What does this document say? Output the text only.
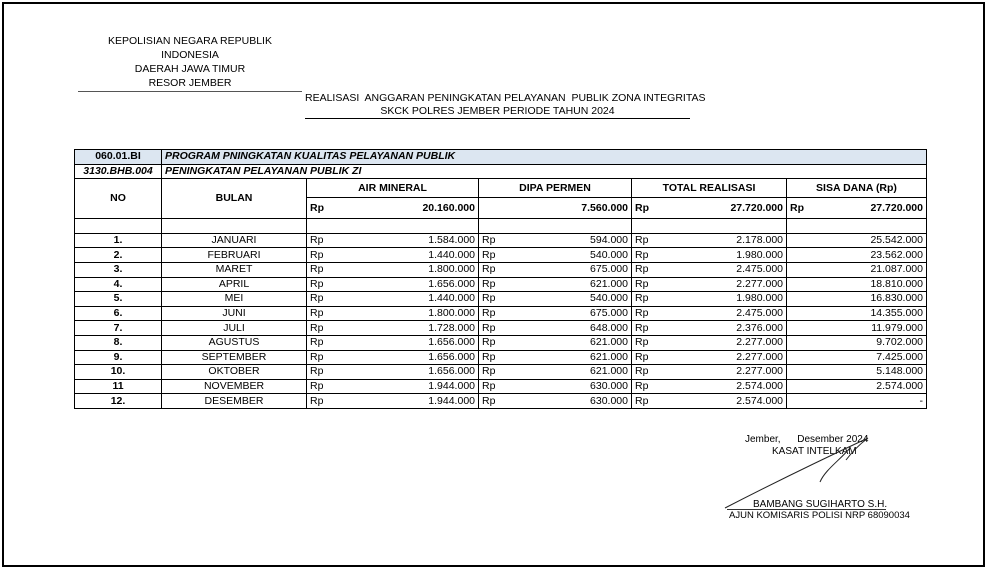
KEPOLISIAN NEGARA REPUBLIK INDONESIA
DAERAH JAWA TIMUR
RESOR JEMBER
REALISASI  ANGGARAN PENINGKATAN PELAYANAN  PUBLIK ZONA INTEGRITAS
SKCK POLRES JEMBER PERIODE TAHUN 2024
060.01.BI	PROGRAM PNINGKATAN KUALITAS PELAYANAN PUBLIK				
3130.BHB.004	PENINGKATAN PELAYANAN PUBLIK ZI				
NO	BULAN	AIR MINERAL	DIPA PERMEN	TOTAL REALISASI	SISA DANA (Rp)

		Rp 20.160.000	7.560.000	Rp 27.720.000	Rp 27.720.000

1.	JANUARI	Rp 1.584.000	Rp 594.000	Rp 2.178.000	25.542.000

2.	FEBRUARI	Rp 1.440.000	Rp 540.000	Rp 1.980.000	23.562.000

3.	MARET	Rp 1.800.000	Rp 675.000	Rp 2.475.000	21.087.000

4.	APRIL	Rp 1.656.000	Rp 621.000	Rp 2.277.000	18.810.000

5.	MEI	Rp 1.440.000	Rp 540.000	Rp 1.980.000	16.830.000

6.	JUNI	Rp 1.800.000	Rp 675.000	Rp 2.475.000	14.355.000

7.	JULI	Rp 1.728.000	Rp 648.000	Rp 2.376.000	11.979.000

8.	AGUSTUS	Rp 1.656.000	Rp 621.000	Rp 2.277.000	9.702.000

9.	SEPTEMBER	Rp 1.656.000	Rp 621.000	Rp 2.277.000	7.425.000

10.	OKTOBER	Rp 1.656.000	Rp 621.000	Rp 2.277.000	5.148.000

11	NOVEMBER	Rp 1.944.000	Rp 630.000	Rp 2.574.000	2.574.000

12.	DESEMBER	Rp 1.944.000	Rp 630.000	Rp 2.574.000	-
Jember,      Desember 2024
KASAT INTELKAM
BAMBANG SUGIHARTO S.H.
AJUN KOMISARIS POLISI NRP 68090034
